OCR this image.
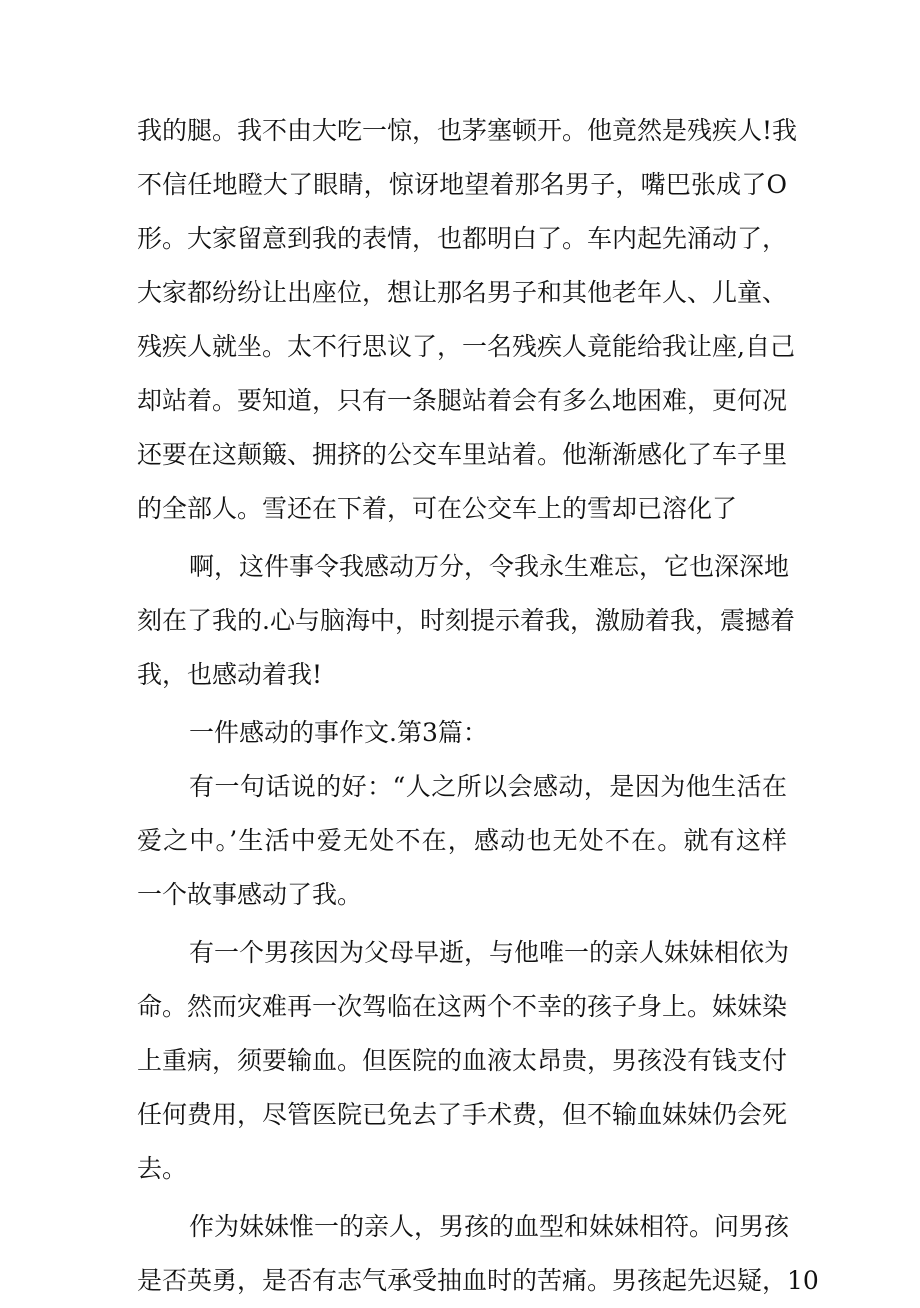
我的腿。我不由大吃一惊，也茅塞顿开。他竟然是残疾人!我
不信任地瞪大了眼睛，惊讶地望着那名男子，嘴巴张成了O
形。大家留意到我的表情，也都明白了。车内起先涌动了，
大家都纷纷让出座位，想让那名男子和其他老年人、儿童、
残疾人就坐。太不行思议了，一名残疾人竟能给我让座,自己
却站着。要知道，只有一条腿站着会有多么地困难，更何况
还要在这颠簸、拥挤的公交车里站着。他渐渐感化了车子里
的全部人。雪还在下着，可在公交车上的雪却已溶化了
啊，这件事令我感动万分，令我永生难忘，它也深深地
刻在了我的.心与脑海中，时刻提示着我，激励着我，震撼着
我，也感动着我!
一件感动的事作文.第3篇：
有一句话说的好：“人之所以会感动，是因为他生活在
爱之中。’生活中爱无处不在，感动也无处不在。就有这样
一个故事感动了我。
有一个男孩因为父母早逝，与他唯一的亲人妹妹相依为
命。然而灾难再一次驾临在这两个不幸的孩子身上。妹妹染
上重病，须要输血。但医院的血液太昂贵，男孩没有钱支付
任何费用，尽管医院已免去了手术费，但不输血妹妹仍会死
去。
作为妹妹惟一的亲人，男孩的血型和妹妹相符。问男孩
是否英勇，是否有志气承受抽血时的苦痛。男孩起先迟疑，10
